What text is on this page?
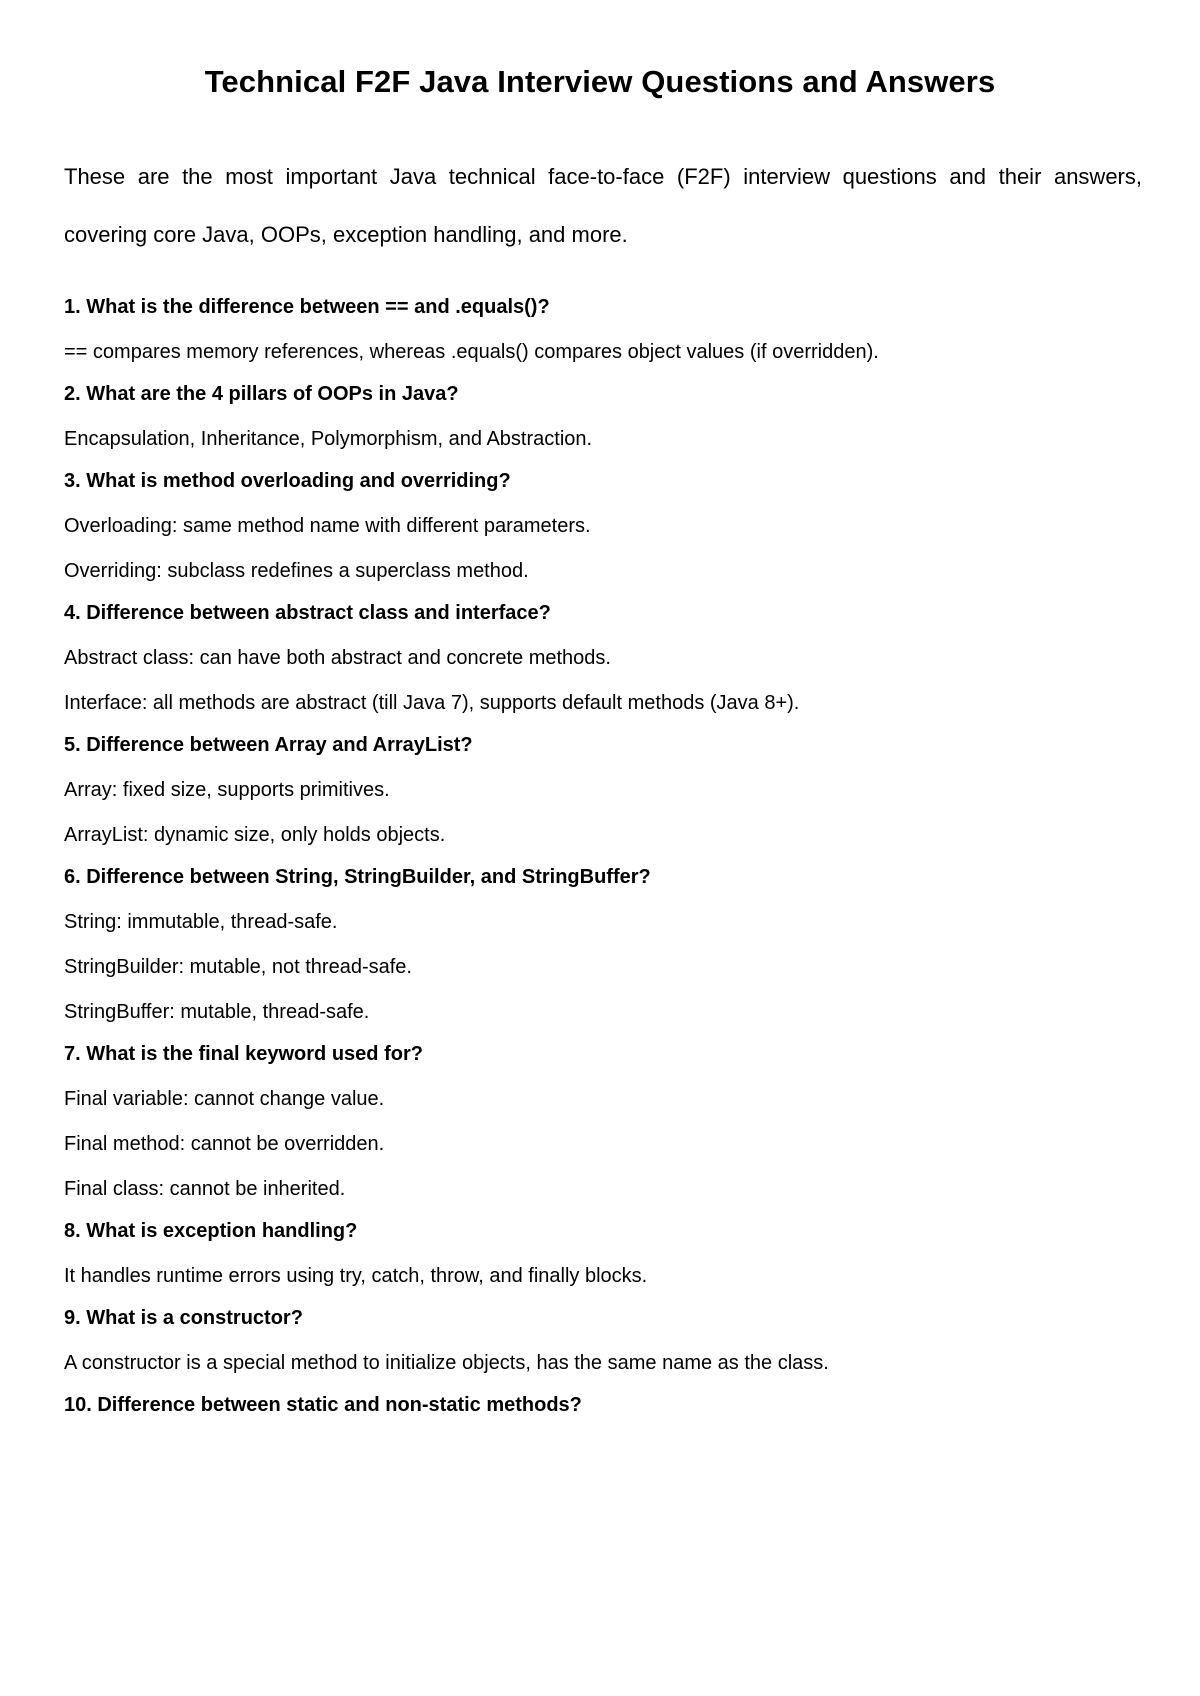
Technical F2F Java Interview Questions and Answers
These are the most important Java technical face-to-face (F2F) interview questions and their answers, covering core Java, OOPs, exception handling, and more.
1. What is the difference between == and .equals()?
== compares memory references, whereas .equals() compares object values (if overridden).
2. What are the 4 pillars of OOPs in Java?
Encapsulation, Inheritance, Polymorphism, and Abstraction.
3. What is method overloading and overriding?
Overloading: same method name with different parameters.
Overriding: subclass redefines a superclass method.
4. Difference between abstract class and interface?
Abstract class: can have both abstract and concrete methods.
Interface: all methods are abstract (till Java 7), supports default methods (Java 8+).
5. Difference between Array and ArrayList?
Array: fixed size, supports primitives.
ArrayList: dynamic size, only holds objects.
6. Difference between String, StringBuilder, and StringBuffer?
String: immutable, thread-safe.
StringBuilder: mutable, not thread-safe.
StringBuffer: mutable, thread-safe.
7. What is the final keyword used for?
Final variable: cannot change value.
Final method: cannot be overridden.
Final class: cannot be inherited.
8. What is exception handling?
It handles runtime errors using try, catch, throw, and finally blocks.
9. What is a constructor?
A constructor is a special method to initialize objects, has the same name as the class.
10. Difference between static and non-static methods?
